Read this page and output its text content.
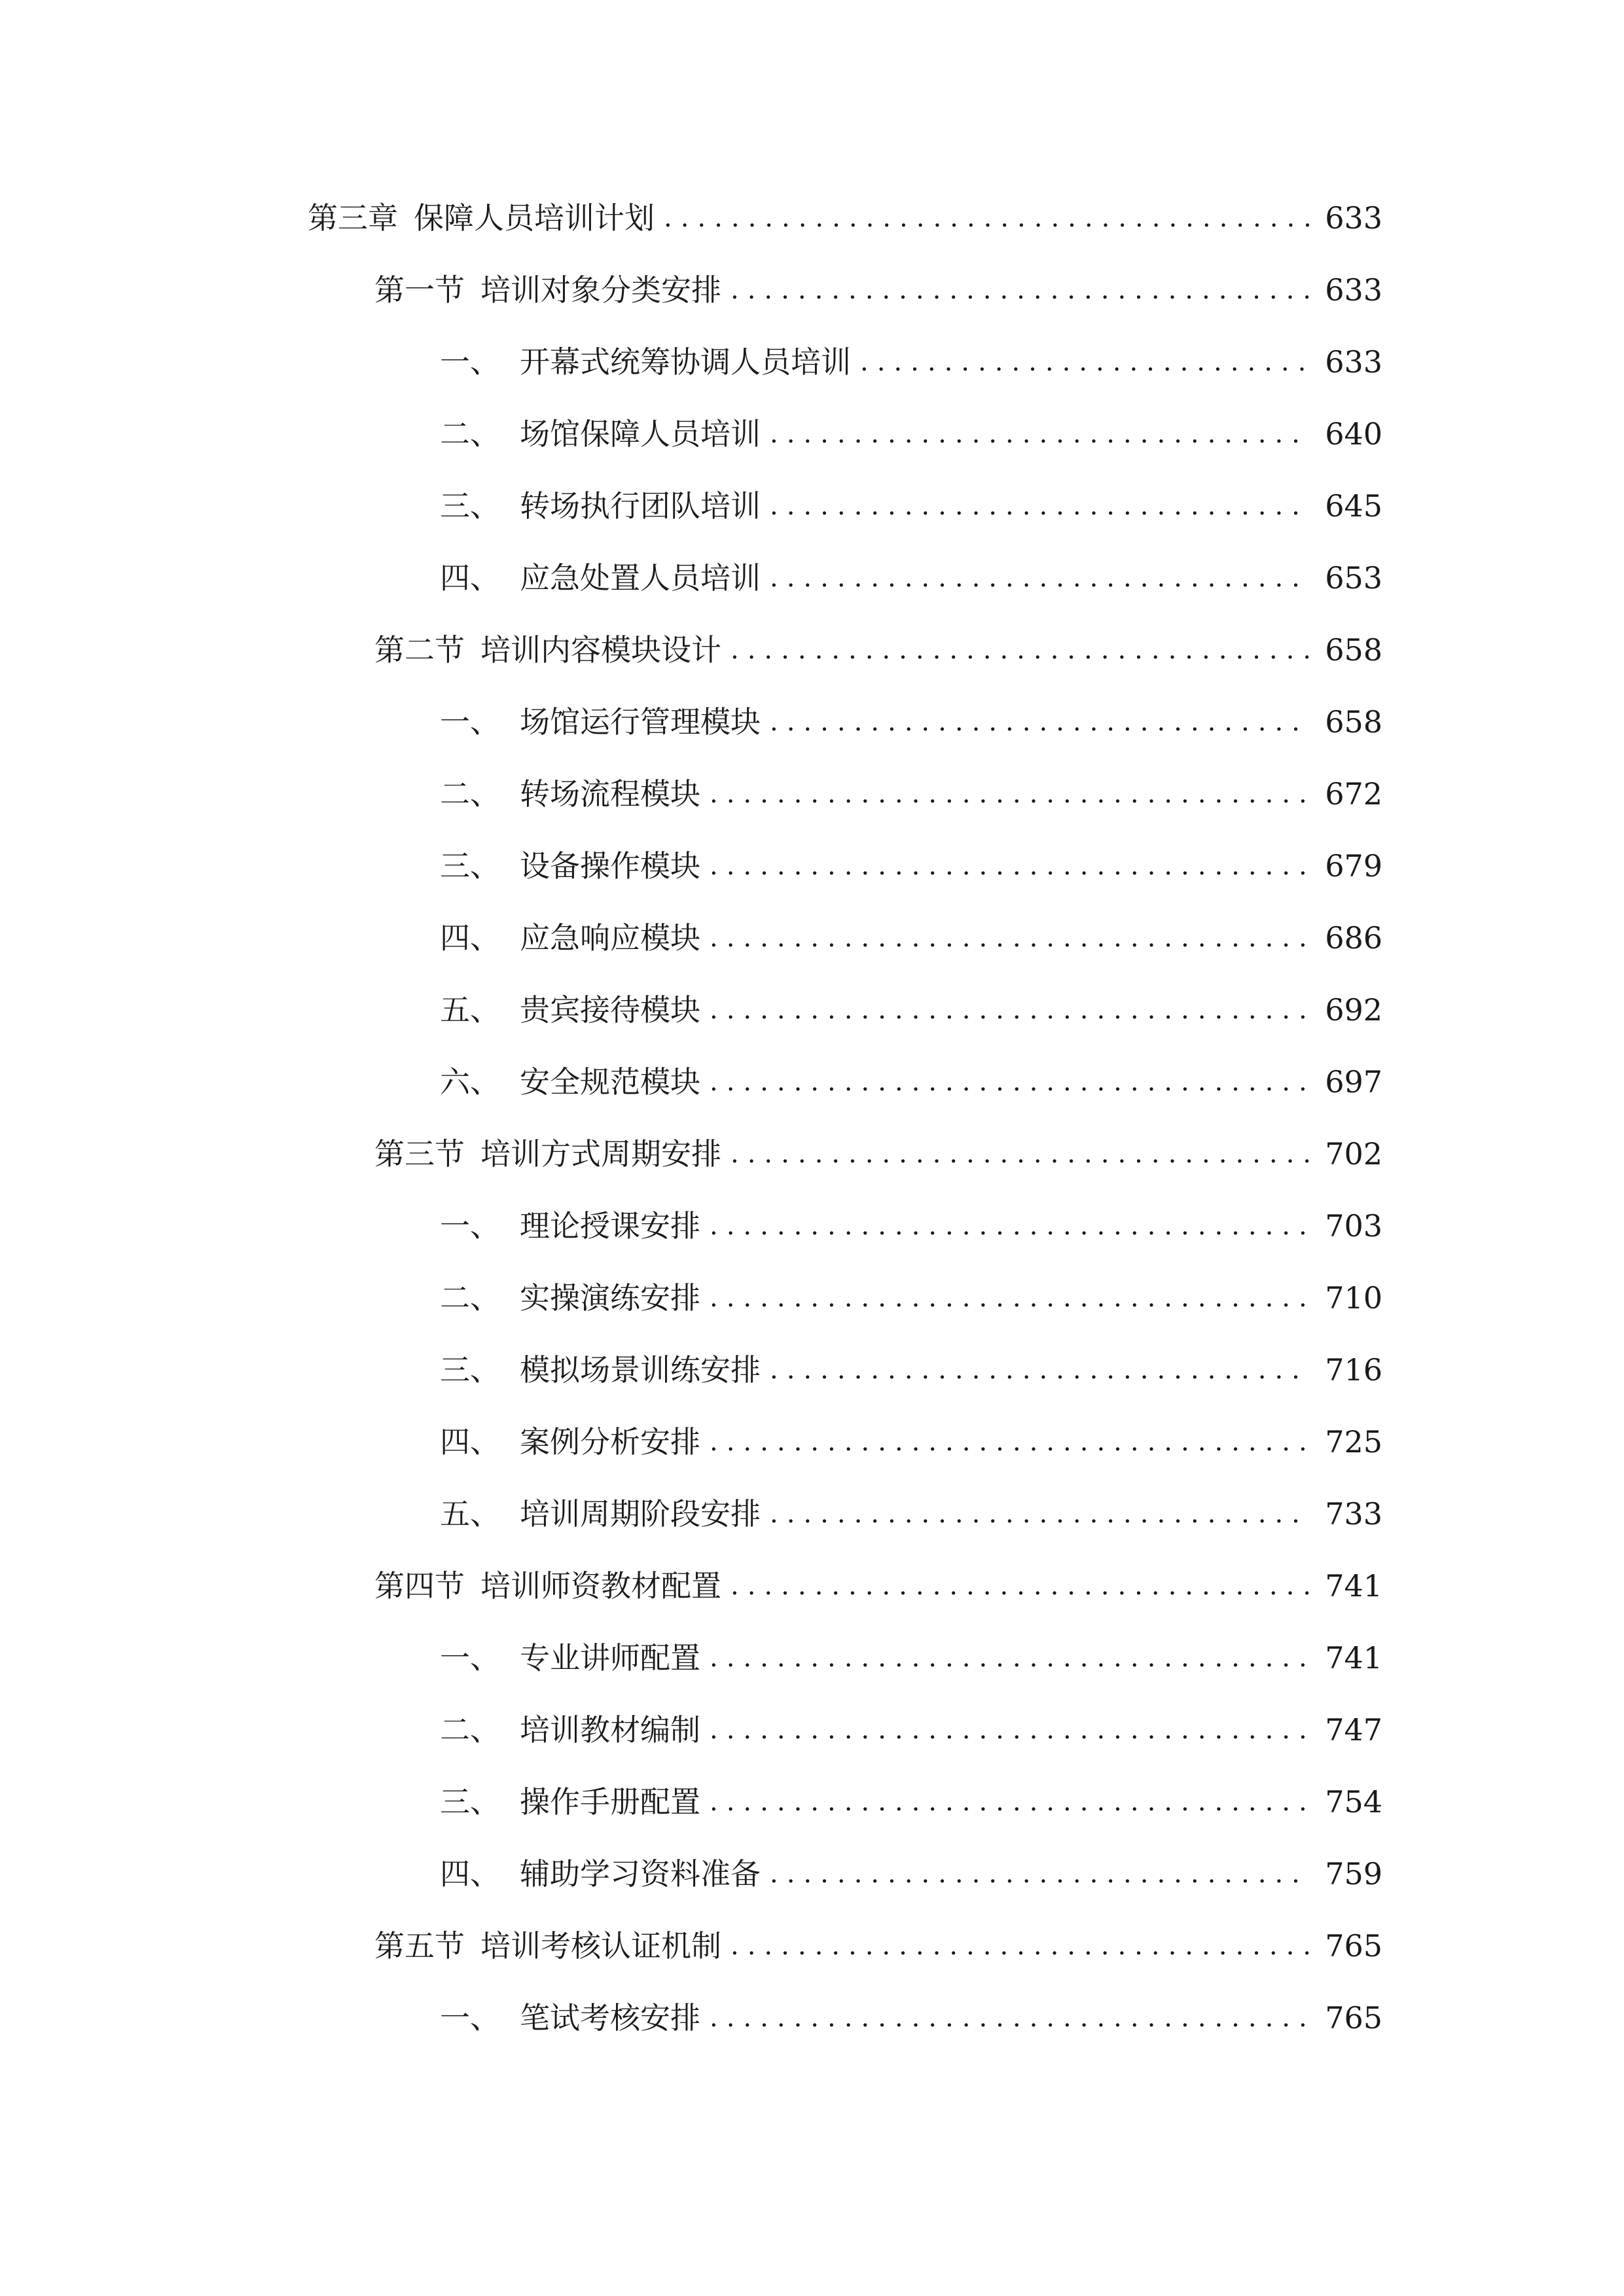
第三章 保障人员培训计划 .....	633
第一节 培训对象分类安排 .....	633
一、 开幕式统筹协调人员培训 .....	633
二、 场馆保障人员培训 .....	640
三、 转场执行团队培训 .....	645
四、 应急处置人员培训 .....	653
第二节 培训内容模块设计 .....	658
一、 场馆运行管理模块 .....	658
二、 转场流程模块 .....	672
三、 设备操作模块 .....	679
四、 应急响应模块 .....	686
五、 贵宾接待模块 .....	692
六、 安全规范模块 .....	697
第三节 培训方式周期安排 .....	702
一、 理论授课安排 .....	703
二、 实操演练安排 .....	710
三、 模拟场景训练安排 .....	716
四、 案例分析安排 .....	725
五、 培训周期阶段安排 .....	733
第四节 培训师资教材配置 .....	741
一、 专业讲师配置 .....	741
二、 培训教材编制 .....	747
三、 操作手册配置 .....	754
四、 辅助学习资料准备 .....	759
第五节 培训考核认证机制 .....	765
一、 笔试考核安排 .....	765
